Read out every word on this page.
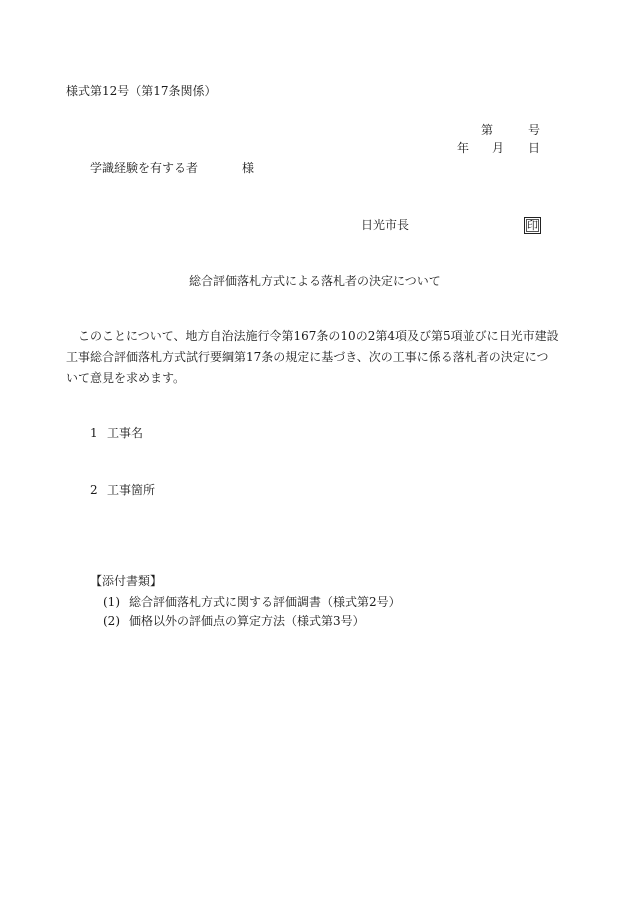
様式第12号（第17条関係）
第	号
年 月 日
学識経験を有する者	様
日光市長	印
総合評価落札方式による落札者の決定について
　このことについて、地方自治法施行令第167条の10の2第4項及び第5項並びに日光市建設
工事総合評価落札方式試行要綱第17条の規定に基づき、次の工事に係る落札者の決定につ
いて意見を求めます。
1 工事名
2 工事箇所
【添付書類】
(1) 総合評価落札方式に関する評価調書（様式第2号）
(2) 価格以外の評価点の算定方法（様式第3号）
